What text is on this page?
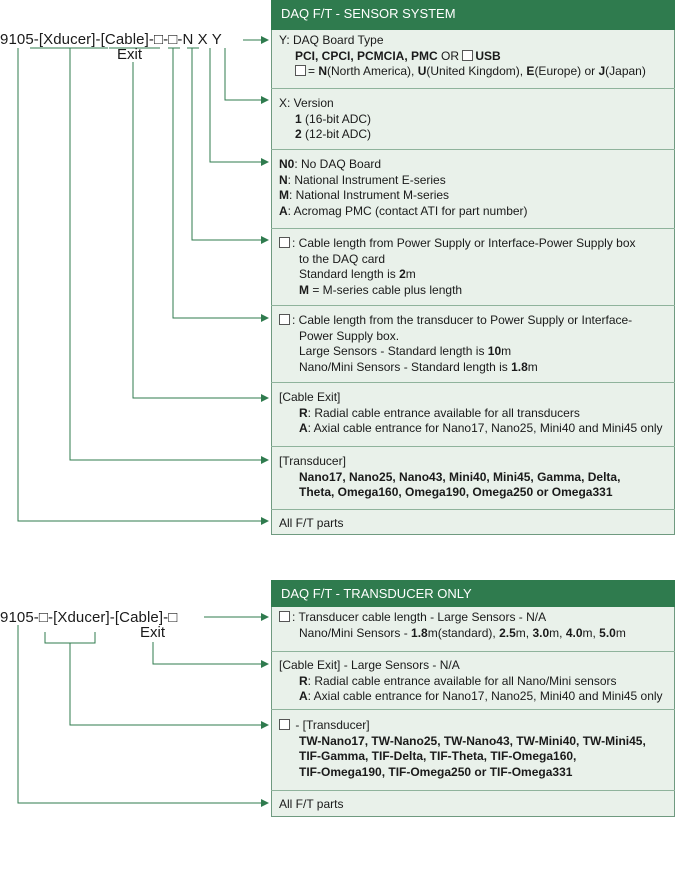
9105-[Xducer]-[Cable]-□-□-N X Y
Exit
DAQ F/T - SENSOR SYSTEM
Y: DAQ Board Type
PCI, CPCI, PCMCIA, PMC OR USB
= N(North America), U(United Kingdom), E(Europe) or J(Japan)
X: Version
1 (16-bit ADC)
2 (12-bit ADC)
N0: No DAQ Board
N: National Instrument E-series
M: National Instrument M-series
A: Acromag PMC (contact ATI for part number)
: Cable length from Power Supply or Interface-Power Supply box
to the DAQ card
Standard length is 2m
M = M-series cable plus length
: Cable length from the transducer to Power Supply or Interface-
Power Supply box.
Large Sensors - Standard length is 10m
Nano/Mini Sensors - Standard length is 1.8m
[Cable Exit]
R: Radial cable entrance available for all transducers
A: Axial cable entrance for Nano17, Nano25, Mini40 and Mini45 only
[Transducer]
Nano17, Nano25, Nano43, Mini40, Mini45, Gamma, Delta,
Theta, Omega160, Omega190, Omega250 or Omega331
All F/T parts
9105-□-[Xducer]-[Cable]-□
Exit
DAQ F/T - TRANSDUCER ONLY
: Transducer cable length - Large Sensors - N/A
Nano/Mini Sensors - 1.8m(standard), 2.5m, 3.0m, 4.0m, 5.0m
[Cable Exit] - Large Sensors - N/A
R: Radial cable entrance available for all Nano/Mini sensors
A: Axial cable entrance for Nano17, Nano25, Mini40 and Mini45 only
- [Transducer]
TW-Nano17, TW-Nano25, TW-Nano43, TW-Mini40, TW-Mini45,
TIF-Gamma, TIF-Delta, TIF-Theta, TIF-Omega160,
TIF-Omega190, TIF-Omega250 or TIF-Omega331
All F/T parts
